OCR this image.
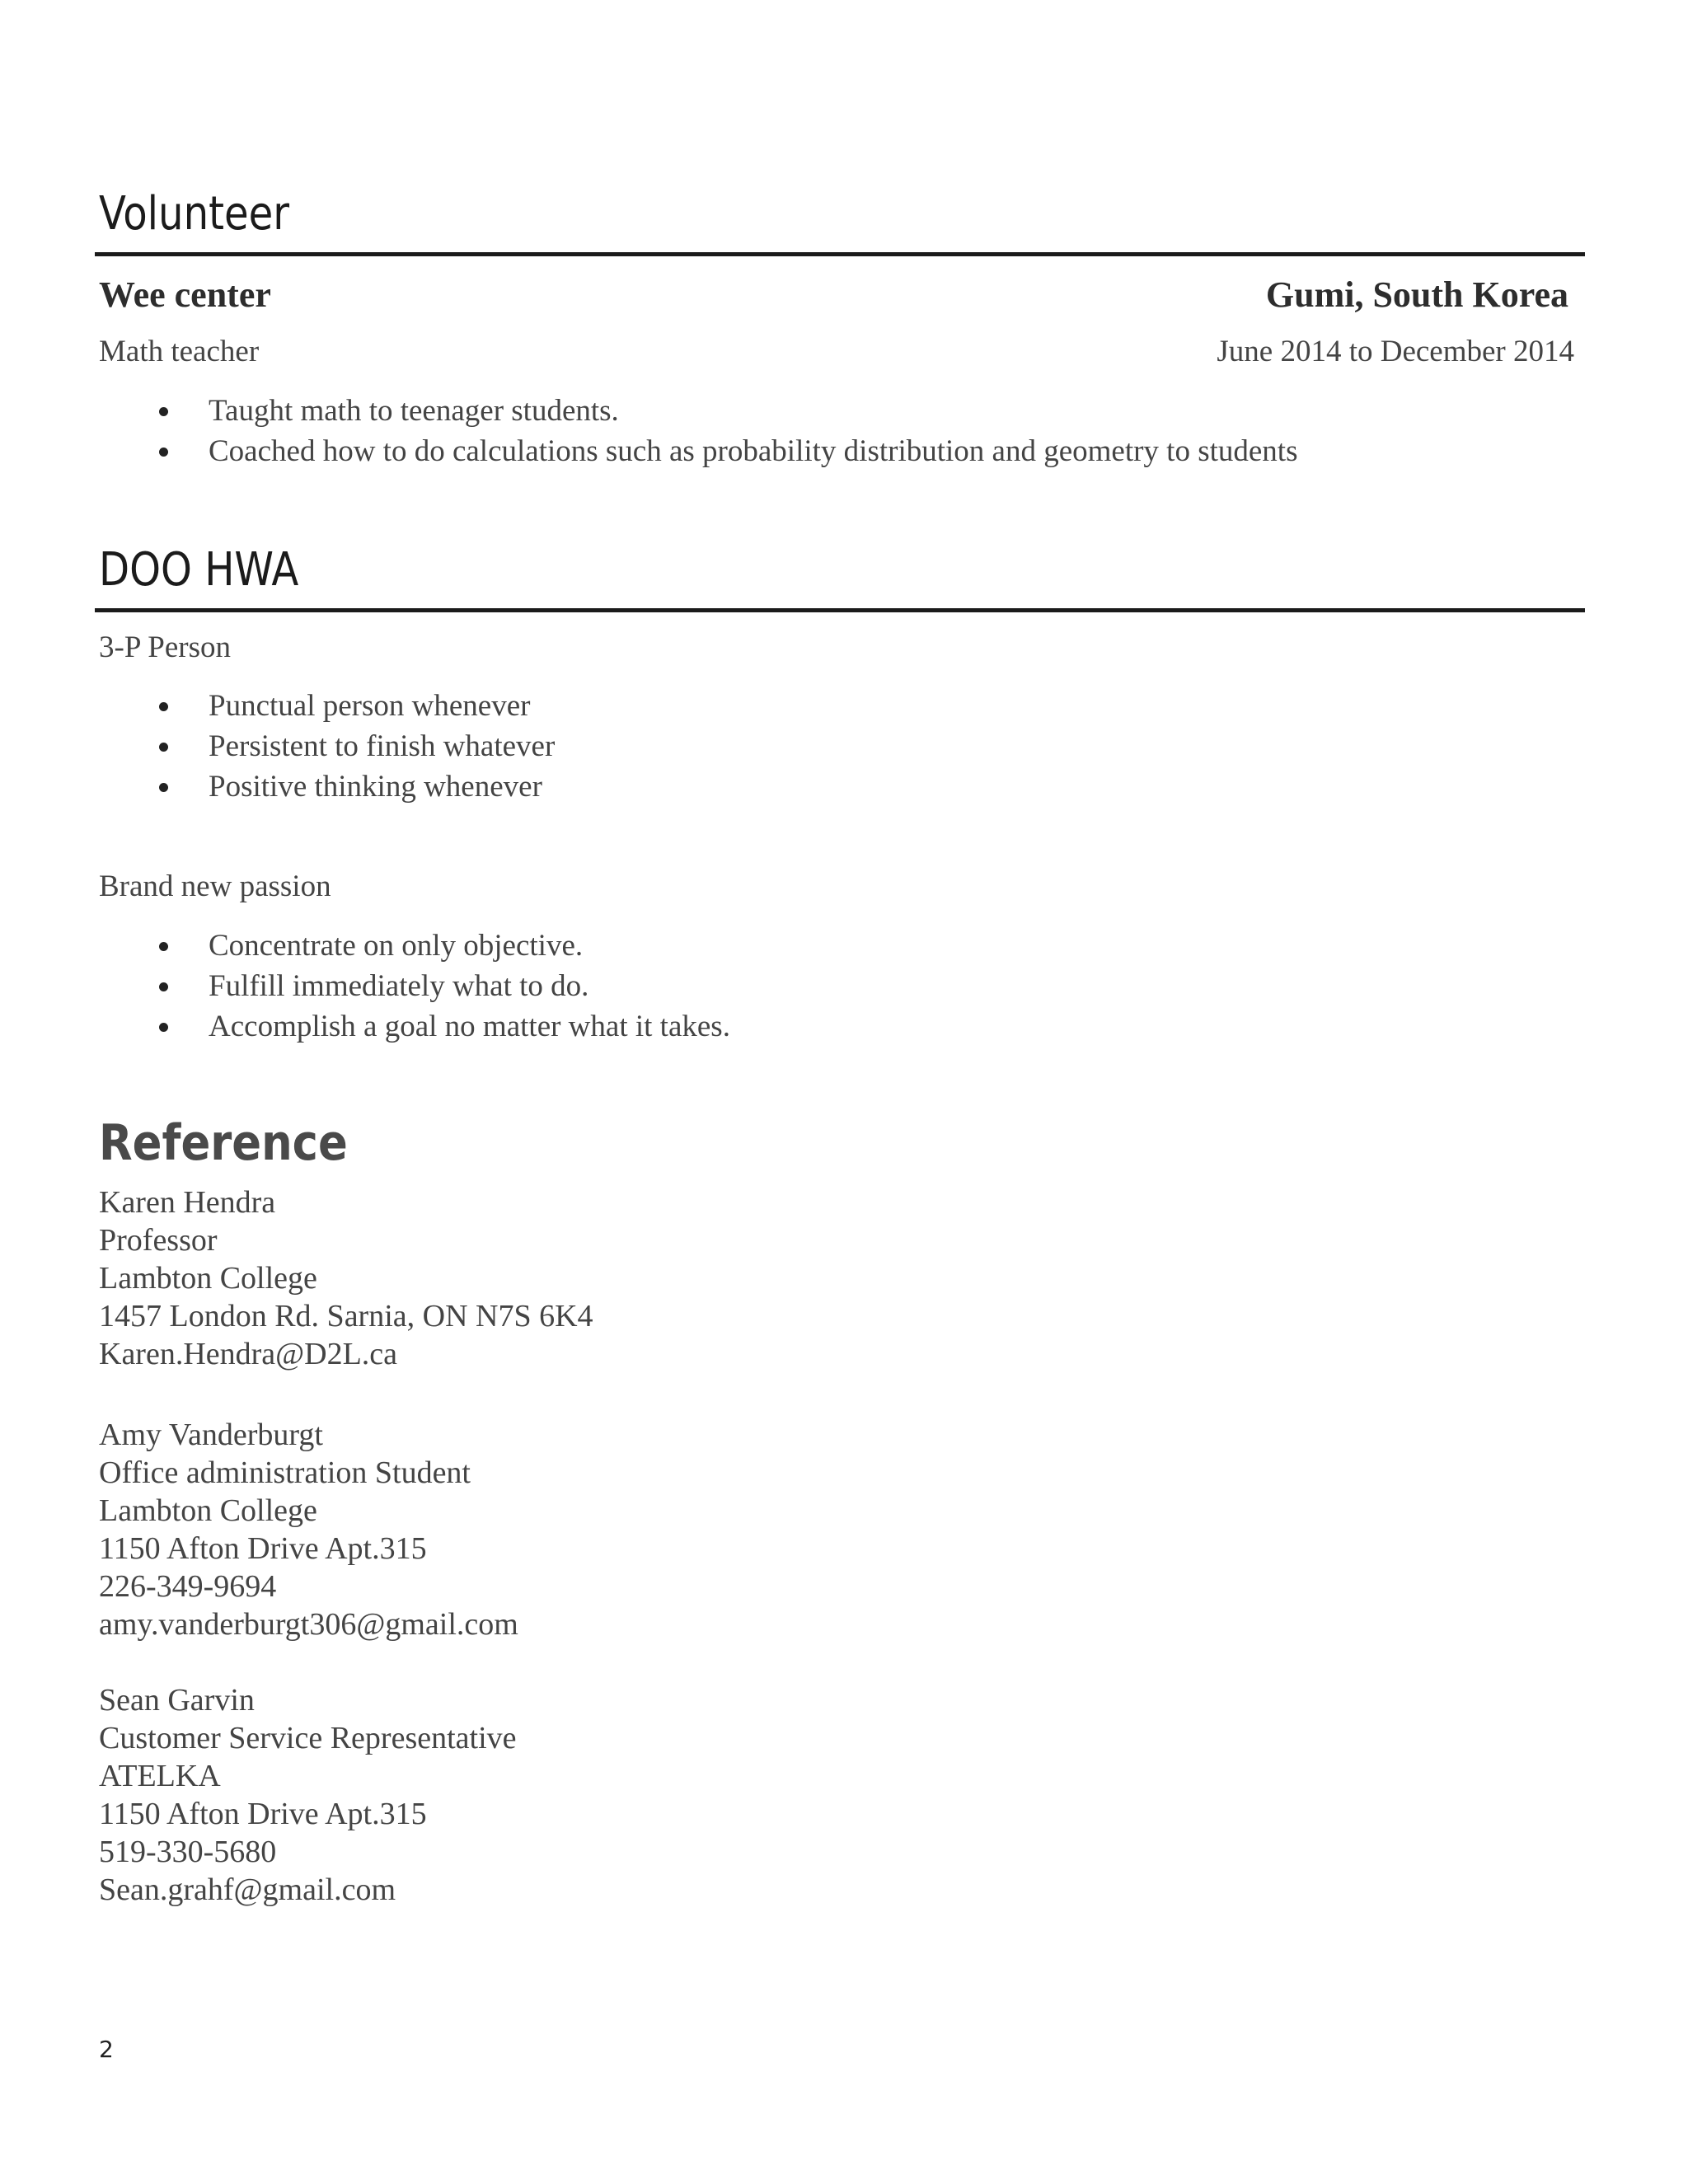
Volunteer
Wee center	Gumi, South Korea
Math teacher	June 2014 to December 2014
Taught math to teenager students.
Coached how to do calculations such as probability distribution and geometry to students
DOO HWA
3-P Person
Punctual person whenever
Persistent to finish whatever
Positive thinking whenever
Brand new passion
Concentrate on only objective.
Fulfill immediately what to do.
Accomplish a goal no matter what it takes.
Reference
Karen Hendra
Professor
Lambton College
1457 London Rd. Sarnia, ON N7S 6K4
Karen.Hendra@D2L.ca
Amy Vanderburgt
Office administration Student
Lambton College
1150 Afton Drive Apt.315
226-349-9694
amy.vanderburgt306@gmail.com
Sean Garvin
Customer Service Representative
ATELKA
1150 Afton Drive Apt.315
519-330-5680
Sean.grahf@gmail.com
2
